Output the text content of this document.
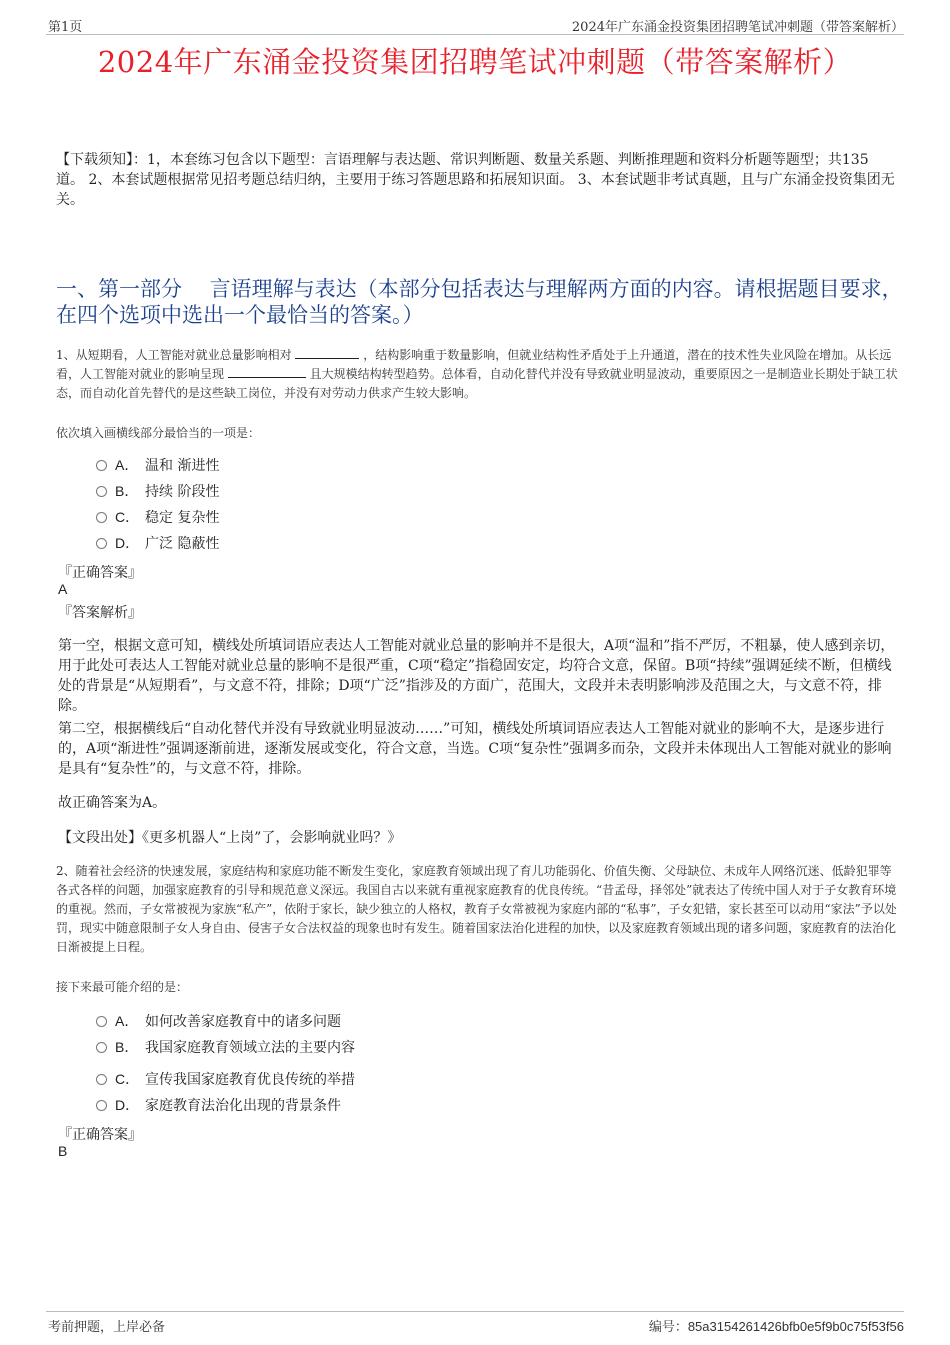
第1页	2024年广东涌金投资集团招聘笔试冲刺题（带答案解析）
2024年广东涌金投资集团招聘笔试冲刺题（带答案解析）
【下载须知】：1，本套练习包含以下题型：言语理解与表达题、常识判断题、数量关系题、判断推理题和资料分析题等题型；共135道。 2、本套试题根据常见招考题总结归纳，主要用于练习答题思路和拓展知识面。 3、本套试题非考试真题，且与广东涌金投资集团无关。
一、第一部分　 言语理解与表达（本部分包括表达与理解两方面的内容。请根据题目要求，在四个选项中选出一个最恰当的答案。）
1、从短期看，人工智能对就业总量影响相对	，结构影响重于数量影响，但就业结构性矛盾处于上升通道，潜在的技术性失业风险在增加。从长远看，人工智能对就业的影响呈现	且大规模结构转型趋势。总体看，自动化替代并没有导致就业明显波动，重要原因之一是制造业长期处于缺工状态，而自动化首先替代的是这些缺工岗位，并没有对劳动力供求产生较大影响。
依次填入画横线部分最恰当的一项是：
A． 温和 渐进性
B． 持续 阶段性
C． 稳定 复杂性
D． 广泛 隐蔽性
『正确答案』
A
『答案解析』
第一空，根据文意可知，横线处所填词语应表达人工智能对就业总量的影响并不是很大，A项“温和”指不严厉，不粗暴，使人感到亲切，用于此处可表达人工智能对就业总量的影响不是很严重，C项“稳定”指稳固安定，均符合文意，保留。B项“持续”强调延续不断，但横线处的背景是“从短期看”，与文意不符，排除；D项“广泛”指涉及的方面广，范围大，文段并未表明影响涉及范围之大，与文意不符，排除。
第二空，根据横线后“自动化替代并没有导致就业明显波动……”可知，横线处所填词语应表达人工智能对就业的影响不大，是逐步进行的，A项“渐进性”强调逐渐前进，逐渐发展或变化，符合文意，当选。C项“复杂性”强调多而杂，文段并未体现出人工智能对就业的影响是具有“复杂性”的，与文意不符，排除。
故正确答案为A。
【文段出处】《更多机器人“上岗”了，会影响就业吗？》
2、随着社会经济的快速发展，家庭结构和家庭功能不断发生变化，家庭教育领域出现了育儿功能弱化、价值失衡、父母缺位、未成年人网络沉迷、低龄犯罪等各式各样的问题，加强家庭教育的引导和规范意义深远。我国自古以来就有重视家庭教育的优良传统。“昔孟母，择邻处”就表达了传统中国人对于子女教育环境的重视。然而，子女常被视为家族“私产”，依附于家长，缺少独立的人格权，教育子女常被视为家庭内部的“私事”，子女犯错，家长甚至可以动用“家法”予以处罚，现实中随意限制子女人身自由、侵害子女合法权益的现象也时有发生。随着国家法治化进程的加快，以及家庭教育领域出现的诸多问题，家庭教育的法治化日渐被提上日程。
接下来最可能介绍的是：
A． 如何改善家庭教育中的诸多问题
B． 我国家庭教育领域立法的主要内容
C． 宣传我国家庭教育优良传统的举措
D． 家庭教育法治化出现的背景条件
『正确答案』
B
考前押题，上岸必备	编号：85a3154261426bfb0e5f9b0c75f53f56
